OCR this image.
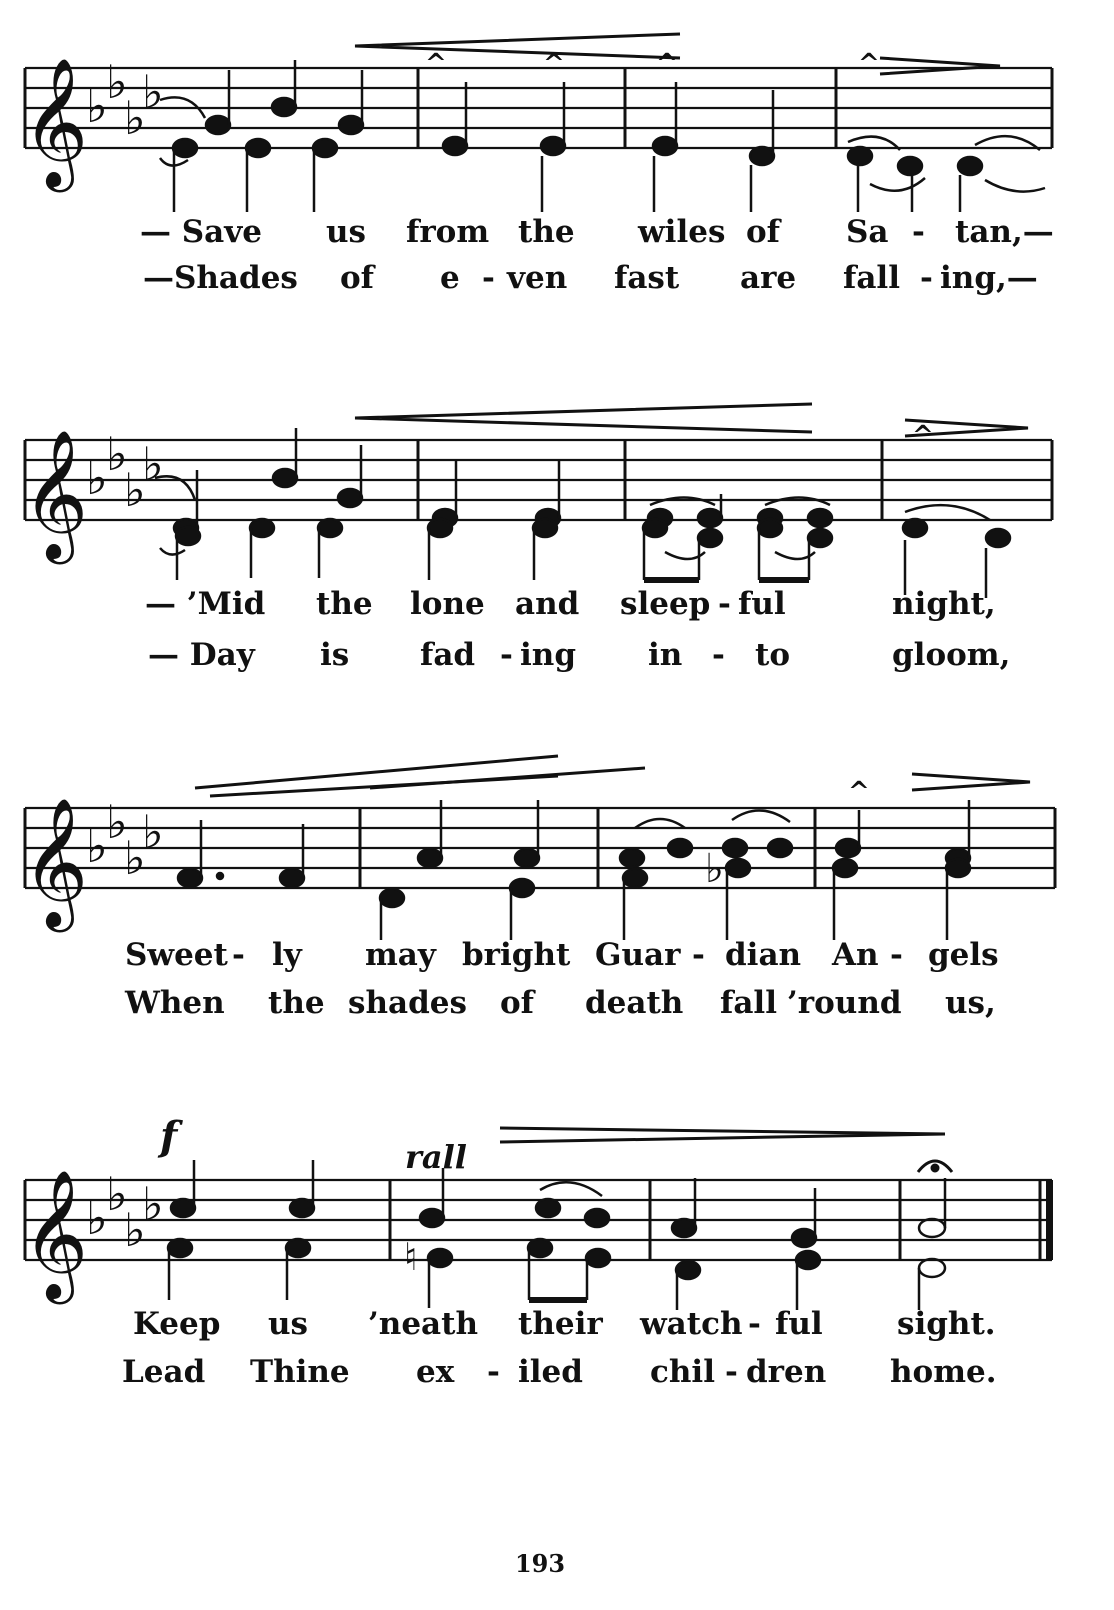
𝄞
♭
♭
♭
♭
^	^	^	^
— Save us from the wiles of Sa - tan,—
—Shades of e - ven fast are fall - ing,—
𝄞
♭
♭
♭
♭
^
— ’Mid the lone and sleep - ful	night,
— Day is fad - ing in - to	gloom,
𝄞
♭
♭
♭
♭
^
♭
Sweet - ly may bright Guar - dian An - gels
When the shades of death fall ’round us,
𝄞
♭
♭
♭
♭
f	rall
♮
Keep us ’neath their watch - ful sight.
Lead Thine ex - iled chil - dren home.
193
